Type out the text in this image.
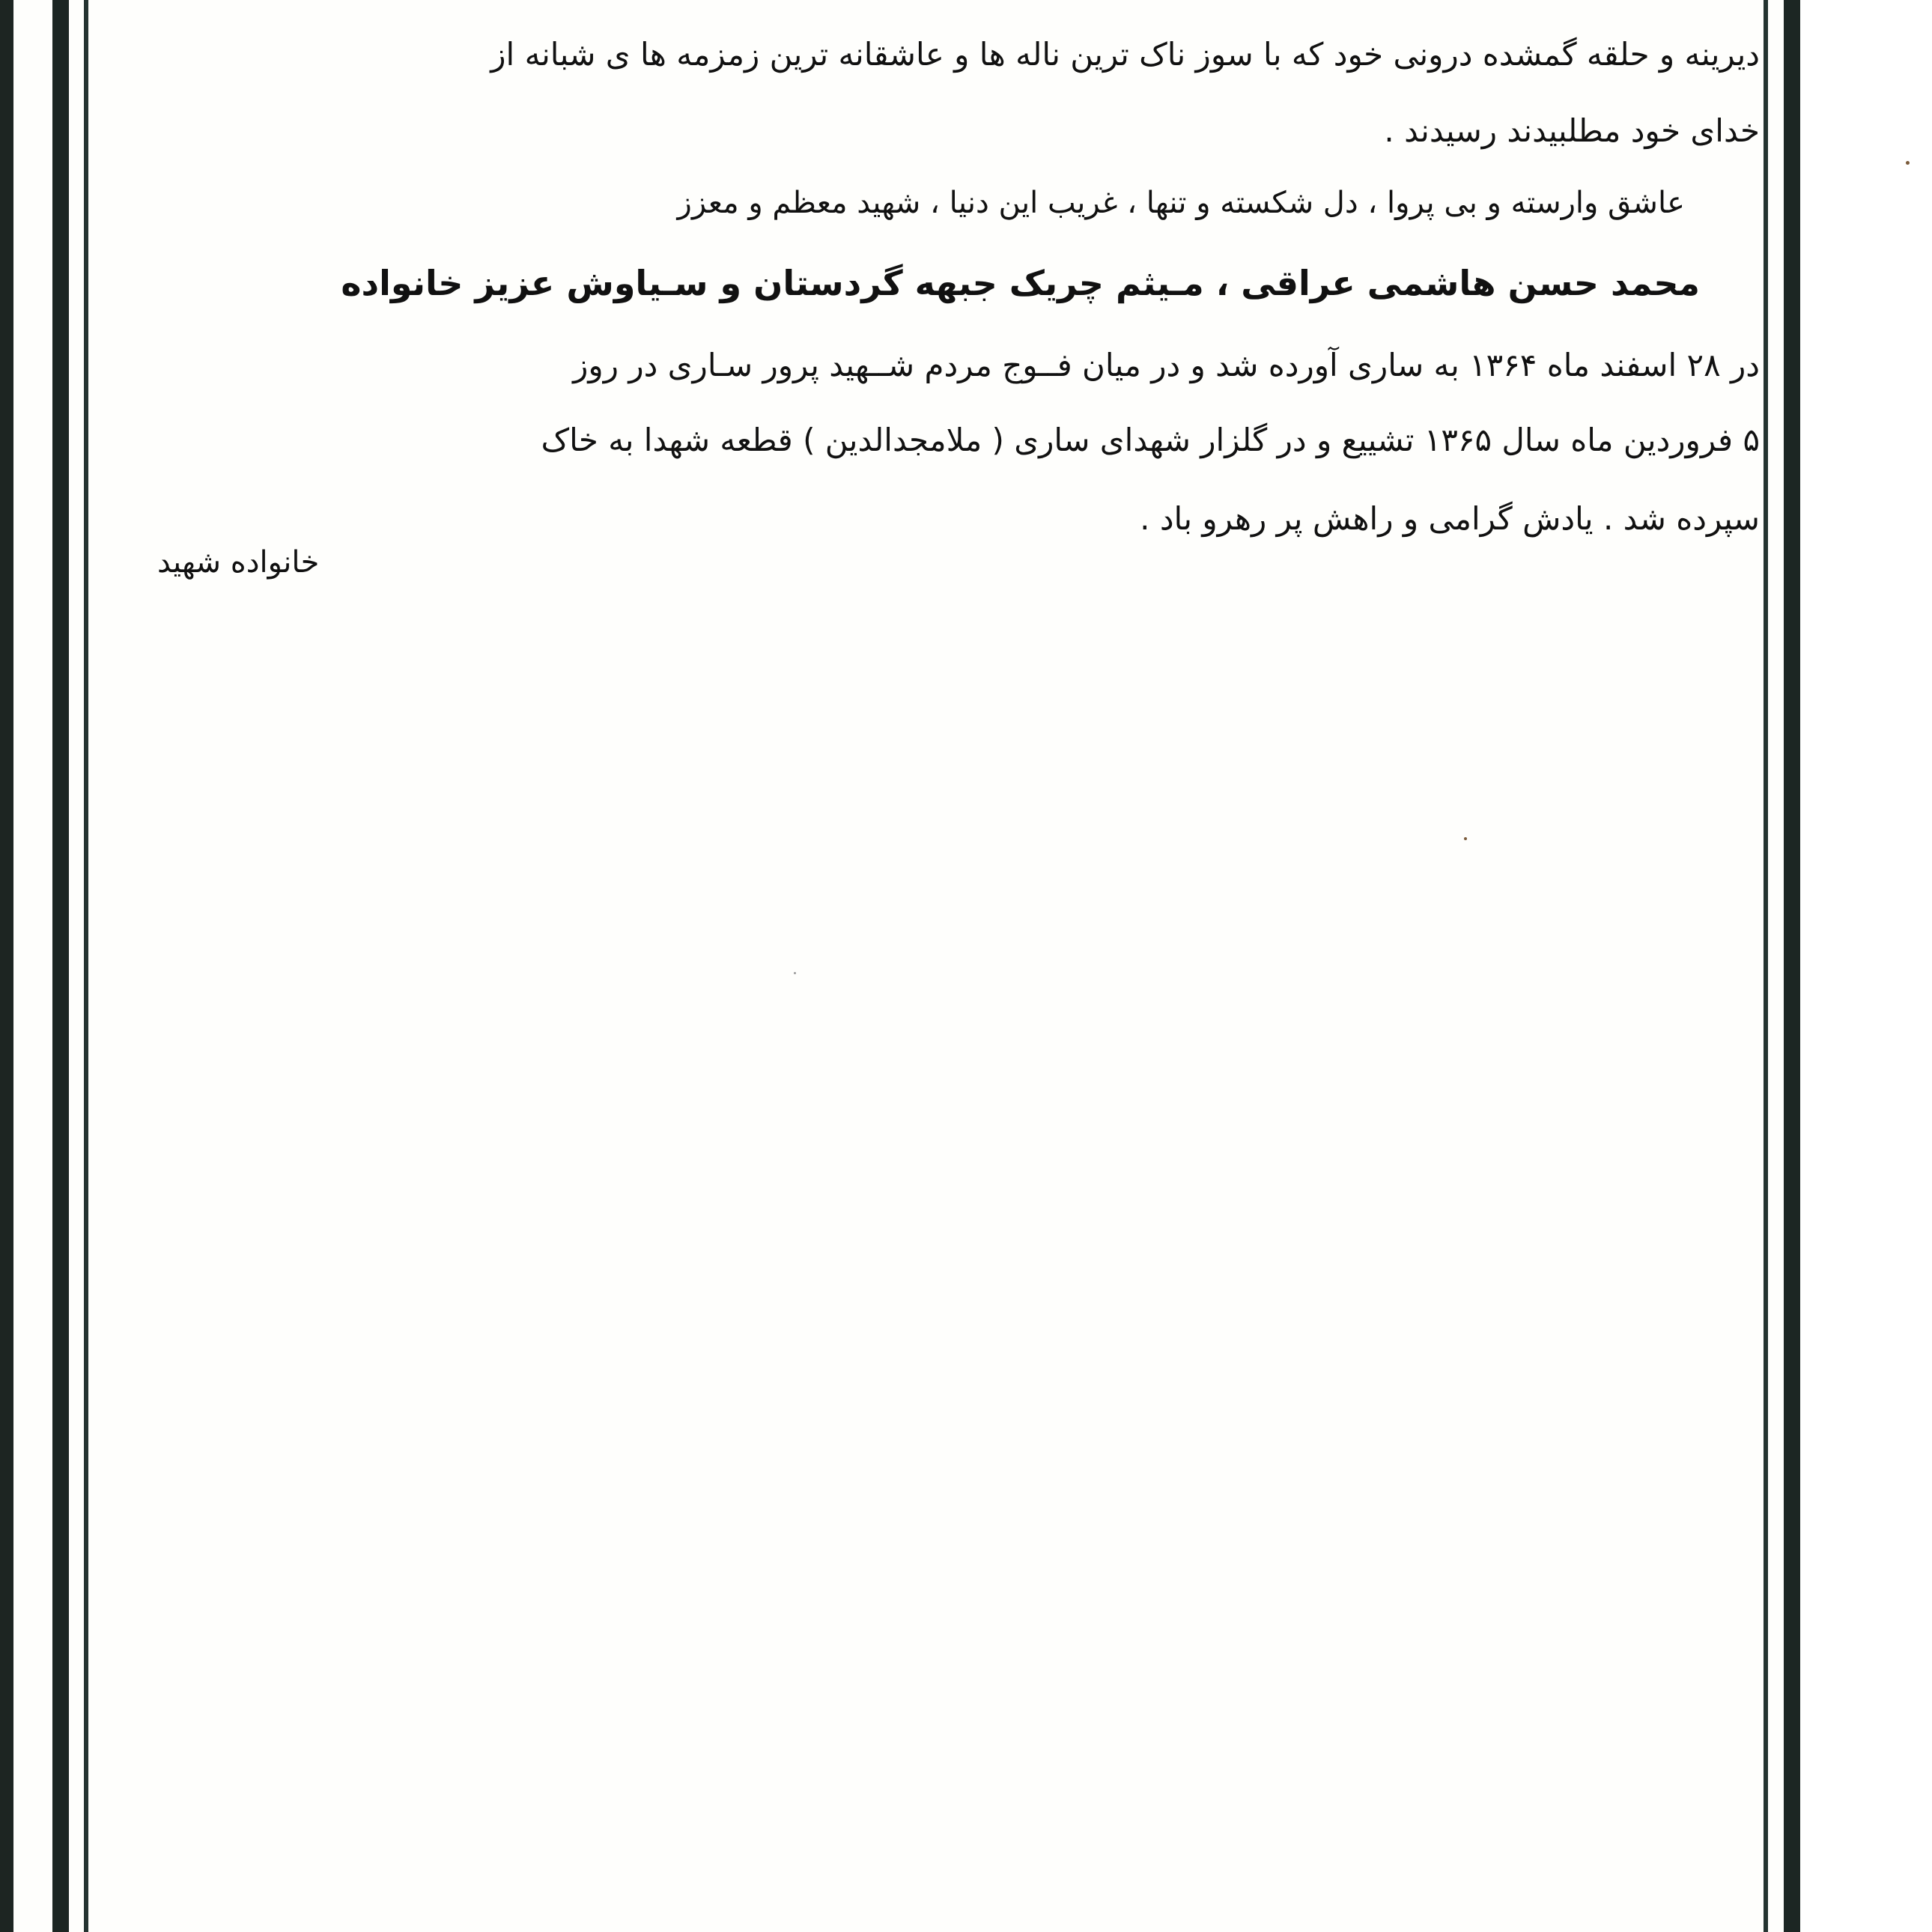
دیرینه و حلقه گمشده درونی خود که با سوز ناک ترین ناله ها و عاشقانه ترین زمزمه ها ی شبانه از
خدای خود مطلبیدند رسیدند .
عاشق وارسته و بی پروا ، دل شکسته و تنها ، غریب این دنیا ، شهید معظم و معزز
محمد حسن هاشمی عراقی ، مـیثم چریک جبهه گردستان و سـیاوش عزیز خانواده
در ۲۸ اسفند ماه ۱۳۶۴ به ساری آورده شد و در میان فــوج مردم شــهید پرور سـاری در روز
۵ فروردین ماه سال ۱۳۶۵ تشییع و در گلزار شهدای ساری ( ملامجدالدین ) قطعه شهدا به خاک
سپرده شد . یادش گرامی و راهش پر رهرو باد .
خانواده شهید
